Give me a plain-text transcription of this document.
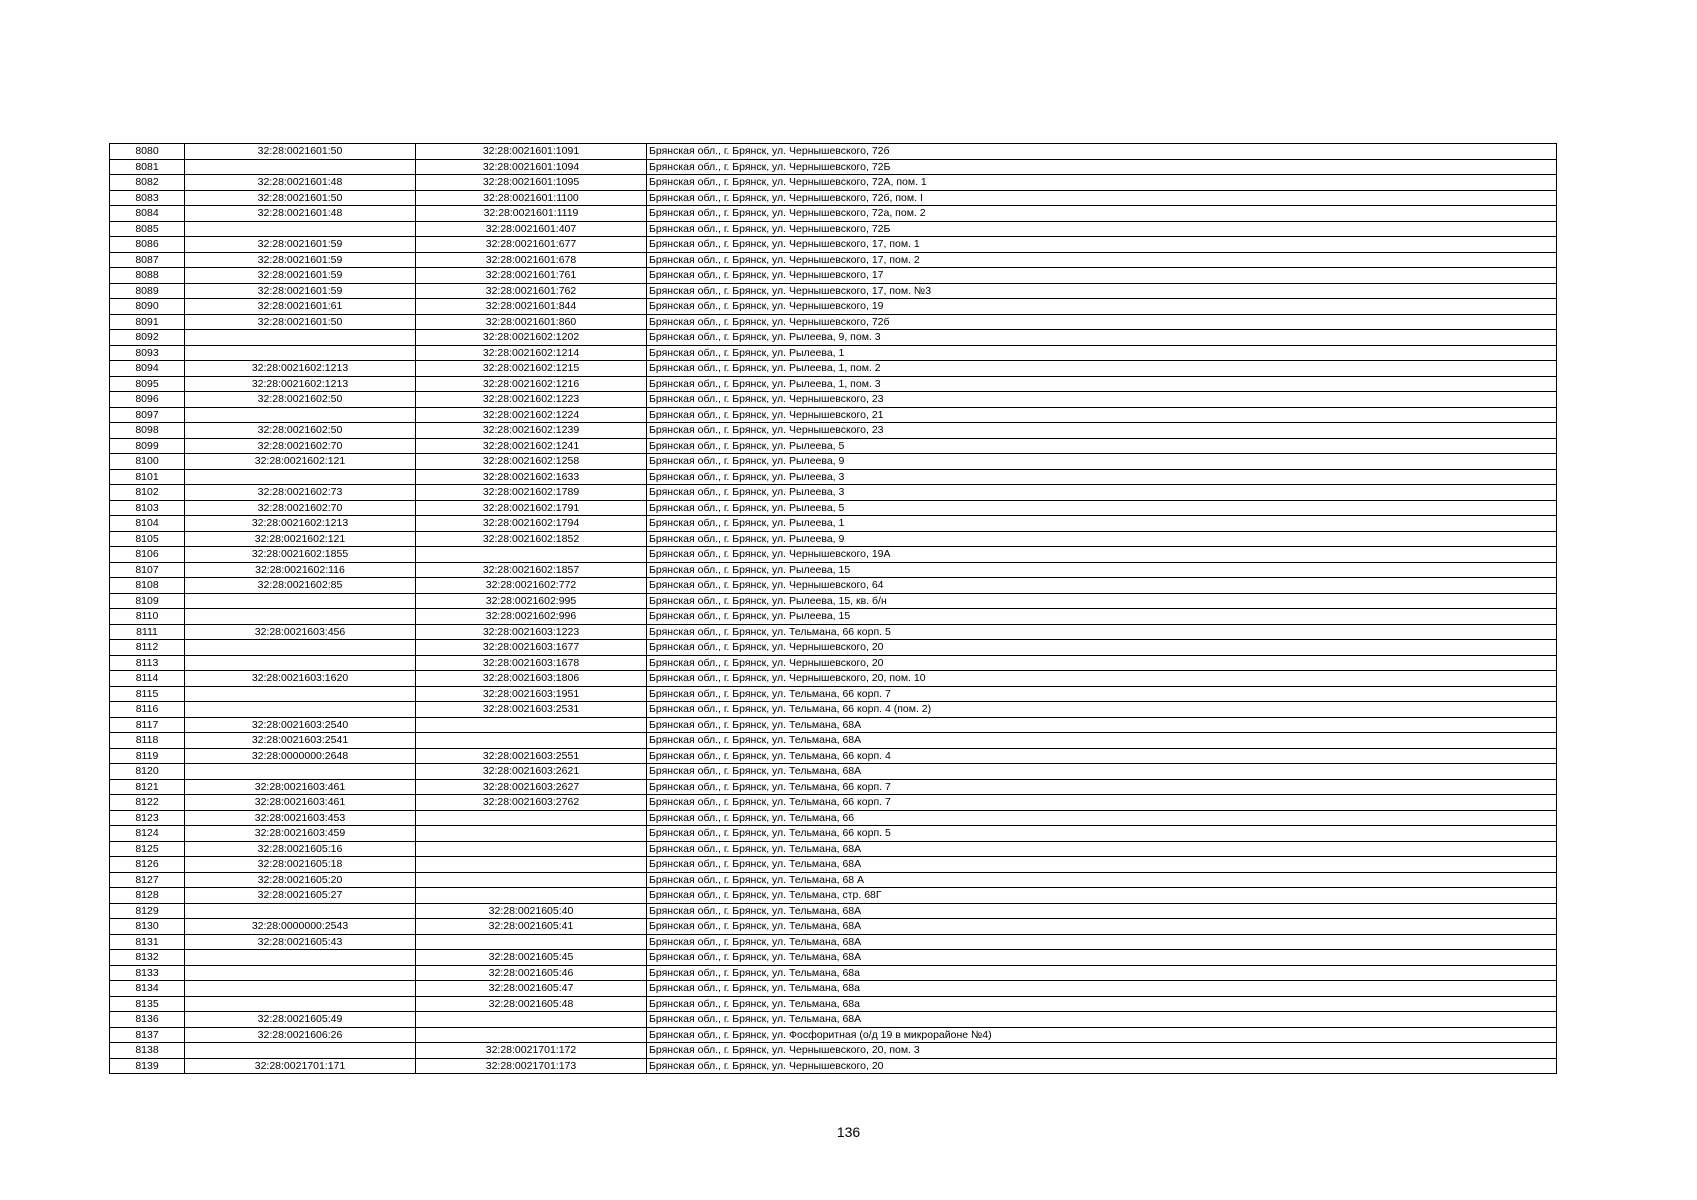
8080	32:28:0021601:50	32:28:0021601:1091	Брянская обл., г. Брянск, ул. Чернышевского, 72б
8081		32:28:0021601:1094	Брянская обл., г. Брянск, ул. Чернышевского, 72Б
8082	32:28:0021601:48	32:28:0021601:1095	Брянская обл., г. Брянск, ул. Чернышевского, 72А, пом. 1
8083	32:28:0021601:50	32:28:0021601:1100	Брянская обл., г. Брянск, ул. Чернышевского, 72б, пом. I
8084	32:28:0021601:48	32:28:0021601:1119	Брянская обл., г. Брянск, ул. Чернышевского, 72а, пом. 2
8085		32:28:0021601:407	Брянская обл., г. Брянск, ул. Чернышевского, 72Б
8086	32:28:0021601:59	32:28:0021601:677	Брянская обл., г. Брянск, ул. Чернышевского, 17, пом. 1
8087	32:28:0021601:59	32:28:0021601:678	Брянская обл., г. Брянск, ул. Чернышевского, 17, пом. 2
8088	32:28:0021601:59	32:28:0021601:761	Брянская обл., г. Брянск, ул. Чернышевского, 17
8089	32:28:0021601:59	32:28:0021601:762	Брянская обл., г. Брянск, ул. Чернышевского, 17, пом. №3
8090	32:28:0021601:61	32:28:0021601:844	Брянская обл., г. Брянск, ул. Чернышевского, 19
8091	32:28:0021601:50	32:28:0021601:860	Брянская обл., г. Брянск, ул. Чернышевского, 72б
8092		32:28:0021602:1202	Брянская обл., г. Брянск, ул. Рылеева, 9, пом. 3
8093		32:28:0021602:1214	Брянская обл., г. Брянск, ул. Рылеева, 1
8094	32:28:0021602:1213	32:28:0021602:1215	Брянская обл., г. Брянск, ул. Рылеева, 1, пом. 2
8095	32:28:0021602:1213	32:28:0021602:1216	Брянская обл., г. Брянск, ул. Рылеева, 1, пом. 3
8096	32:28:0021602:50	32:28:0021602:1223	Брянская обл., г. Брянск, ул. Чернышевского, 23
8097		32:28:0021602:1224	Брянская обл., г. Брянск, ул. Чернышевского, 21
8098	32:28:0021602:50	32:28:0021602:1239	Брянская обл., г. Брянск, ул. Чернышевского, 23
8099	32:28:0021602:70	32:28:0021602:1241	Брянская обл., г. Брянск, ул. Рылеева, 5
8100	32:28:0021602:121	32:28:0021602:1258	Брянская обл., г. Брянск, ул. Рылеева, 9
8101		32:28:0021602:1633	Брянская обл., г. Брянск, ул. Рылеева, 3
8102	32:28:0021602:73	32:28:0021602:1789	Брянская обл., г. Брянск, ул. Рылеева, 3
8103	32:28:0021602:70	32:28:0021602:1791	Брянская обл., г. Брянск, ул. Рылеева, 5
8104	32:28:0021602:1213	32:28:0021602:1794	Брянская обл., г. Брянск, ул. Рылеева, 1
8105	32:28:0021602:121	32:28:0021602:1852	Брянская обл., г. Брянск, ул. Рылеева, 9
8106	32:28:0021602:1855		Брянская обл., г. Брянск, ул. Чернышевского, 19А
8107	32:28:0021602:116	32:28:0021602:1857	Брянская обл., г. Брянск, ул. Рылеева, 15
8108	32:28:0021602:85	32:28:0021602:772	Брянская обл., г. Брянск, ул. Чернышевского, 64
8109		32:28:0021602:995	Брянская обл., г. Брянск, ул. Рылеева, 15, кв. б/н
8110		32:28:0021602:996	Брянская обл., г. Брянск, ул. Рылеева, 15
8111	32:28:0021603:456	32:28:0021603:1223	Брянская обл., г. Брянск, ул. Тельмана, 66 корп. 5
8112		32:28:0021603:1677	Брянская обл., г. Брянск, ул. Чернышевского, 20
8113		32:28:0021603:1678	Брянская обл., г. Брянск, ул. Чернышевского, 20
8114	32:28:0021603:1620	32:28:0021603:1806	Брянская обл., г. Брянск, ул. Чернышевского, 20, пом. 10
8115		32:28:0021603:1951	Брянская обл., г. Брянск, ул. Тельмана, 66 корп. 7
8116		32:28:0021603:2531	Брянская обл., г. Брянск, ул. Тельмана, 66 корп. 4 (пом. 2)
8117	32:28:0021603:2540		Брянская обл., г. Брянск, ул. Тельмана, 68А
8118	32:28:0021603:2541		Брянская обл., г. Брянск, ул. Тельмана, 68А
8119	32:28:0000000:2648	32:28:0021603:2551	Брянская обл., г. Брянск, ул. Тельмана, 66 корп. 4
8120		32:28:0021603:2621	Брянская обл., г. Брянск, ул. Тельмана, 68А
8121	32:28:0021603:461	32:28:0021603:2627	Брянская обл., г. Брянск, ул. Тельмана, 66 корп. 7
8122	32:28:0021603:461	32:28:0021603:2762	Брянская обл., г. Брянск, ул. Тельмана, 66 корп. 7
8123	32:28:0021603:453		Брянская обл., г. Брянск, ул. Тельмана, 66
8124	32:28:0021603:459		Брянская обл., г. Брянск, ул. Тельмана, 66 корп. 5
8125	32:28:0021605:16		Брянская обл., г. Брянск, ул. Тельмана, 68А
8126	32:28:0021605:18		Брянская обл., г. Брянск, ул. Тельмана, 68А
8127	32:28:0021605:20		Брянская обл., г. Брянск, ул. Тельмана, 68 А
8128	32:28:0021605:27		Брянская обл., г. Брянск, ул. Тельмана, стр. 68Г
8129		32:28:0021605:40	Брянская обл., г. Брянск, ул. Тельмана, 68А
8130	32:28:0000000:2543	32:28:0021605:41	Брянская обл., г. Брянск, ул. Тельмана, 68А
8131	32:28:0021605:43		Брянская обл., г. Брянск, ул. Тельмана, 68А
8132		32:28:0021605:45	Брянская обл., г. Брянск, ул. Тельмана, 68А
8133		32:28:0021605:46	Брянская обл., г. Брянск, ул. Тельмана, 68а
8134		32:28:0021605:47	Брянская обл., г. Брянск, ул. Тельмана, 68а
8135		32:28:0021605:48	Брянская обл., г. Брянск, ул. Тельмана, 68а
8136	32:28:0021605:49		Брянская обл., г. Брянск, ул. Тельмана, 68А
8137	32:28:0021606:26		Брянская обл., г. Брянск, ул. Фосфоритная (о/д 19 в микрорайоне №4)
8138		32:28:0021701:172	Брянская обл., г. Брянск, ул. Чернышевского, 20, пом. 3
8139	32:28:0021701:171	32:28:0021701:173	Брянская обл., г. Брянск, ул. Чернышевского, 20
136
